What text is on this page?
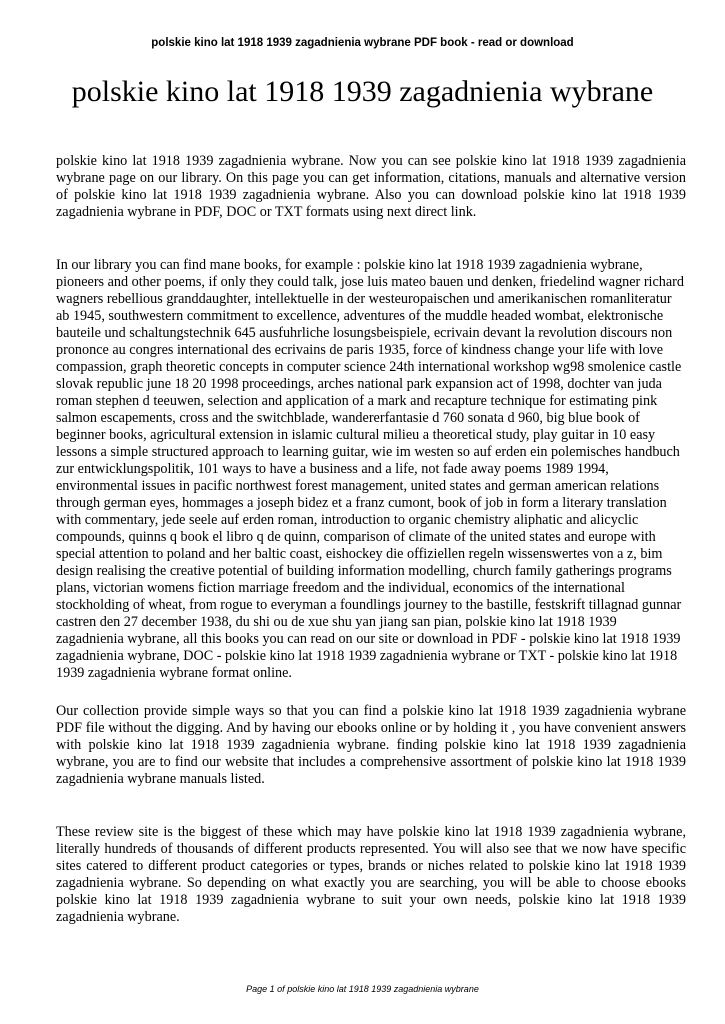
polskie kino lat 1918 1939 zagadnienia wybrane PDF book - read or download
polskie kino lat 1918 1939 zagadnienia wybrane

polskie kino lat 1918 1939 zagadnienia wybrane. Now you can see polskie kino lat 1918 1939 zagadnienia wybrane page on our library. On this page you can get information, citations, manuals and alternative version of polskie kino lat 1918 1939 zagadnienia wybrane. Also you can download polskie kino lat 1918 1939 zagadnienia wybrane in PDF, DOC or TXT formats using next direct link.

In our library you can find mane books, for example : polskie kino lat 1918 1939 zagadnienia wybrane, pioneers and other poems, if only they could talk, jose luis mateo bauen und denken, friedelind wagner richard wagners rebellious granddaughter, intellektuelle in der westeuropaischen und amerikanischen romanliteratur ab 1945, southwestern commitment to excellence, adventures of the muddle headed wombat, elektronische bauteile und schaltungstechnik 645 ausfuhrliche losungsbeispiele, ecrivain devant la revolution discours non prononce au congres international des ecrivains de paris 1935, force of kindness change your life with love compassion, graph theoretic concepts in computer science 24th international workshop wg98 smolenice castle slovak republic june 18 20 1998 proceedings, arches national park expansion act of 1998, dochter van juda roman stephen d teeuwen, selection and application of a mark and recapture technique for estimating pink salmon escapements, cross and the switchblade, wandererfantasie d 760 sonata d 960, big blue book of beginner books, agricultural extension in islamic cultural milieu a theoretical study, play guitar in 10 easy lessons a simple structured approach to learning guitar, wie im westen so auf erden ein polemisches handbuch zur entwicklungspolitik, 101 ways to have a business and a life, not fade away poems 1989 1994, environmental issues in pacific northwest forest management, united states and german american relations through german eyes, hommages a joseph bidez et a franz cumont, book of job in form a literary translation with commentary, jede seele auf erden roman, introduction to organic chemistry aliphatic and alicyclic compounds, quinns q book el libro q de quinn, comparison of climate of the united states and europe with special attention to poland and her baltic coast, eishockey die offiziellen regeln wissenswertes von a z, bim design realising the creative potential of building information modelling, church family gatherings programs plans, victorian womens fiction marriage freedom and the individual, economics of the international stockholding of wheat, from rogue to everyman a foundlings journey to the bastille, festskrift tillagnad gunnar castren den 27 december 1938, du shi ou de xue shu yan jiang san pian, polskie kino lat 1918 1939 zagadnienia wybrane, all this books you can read on our site or download in PDF - polskie kino lat 1918 1939 zagadnienia wybrane, DOC - polskie kino lat 1918 1939 zagadnienia wybrane or TXT - polskie kino lat 1918 1939 zagadnienia wybrane format online.

Our collection provide simple ways so that you can find a polskie kino lat 1918 1939 zagadnienia wybrane PDF file without the digging. And by having our ebooks online or by holding it , you have convenient answers with polskie kino lat 1918 1939 zagadnienia wybrane. finding polskie kino lat 1918 1939 zagadnienia wybrane, you are to find our website that includes a comprehensive assortment of polskie kino lat 1918 1939 zagadnienia wybrane manuals listed.

These review site is the biggest of these which may have polskie kino lat 1918 1939 zagadnienia wybrane, literally hundreds of thousands of different products represented. You will also see that we now have specific sites catered to different product categories or types, brands or niches related to polskie kino lat 1918 1939 zagadnienia wybrane. So depending on what exactly you are searching, you will be able to choose ebooks polskie kino lat 1918 1939 zagadnienia wybrane to suit your own needs, polskie kino lat 1918 1939 zagadnienia wybrane.

Page 1 of polskie kino lat 1918 1939 zagadnienia wybrane
